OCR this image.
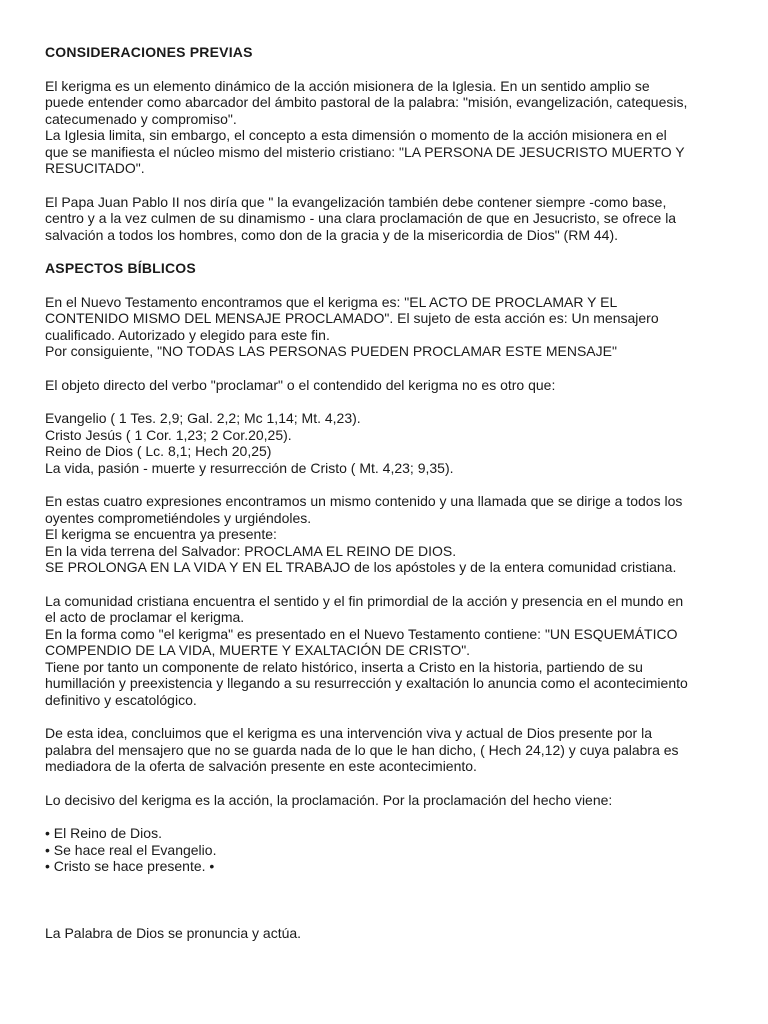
CONSIDERACIONES PREVIAS
El kerigma es un elemento dinámico de la acción misionera de la Iglesia. En un sentido amplio se
puede entender como abarcador del ámbito pastoral de la palabra: "misión, evangelización, catequesis,
catecumenado y compromiso".
La Iglesia limita, sin embargo, el concepto a esta dimensión o momento de la acción misionera en el
que se manifiesta el núcleo mismo del misterio cristiano: "LA PERSONA DE JESUCRISTO MUERTO Y
RESUCITADO".
El Papa Juan Pablo II nos diría que " la evangelización también debe contener siempre -como base,
centro y a la vez culmen de su dinamismo - una clara proclamación de que en Jesucristo, se ofrece la
salvación a todos los hombres, como don de la gracia y de la misericordia de Dios" (RM 44).
ASPECTOS BÍBLICOS
En el Nuevo Testamento encontramos que el kerigma es: "EL ACTO DE PROCLAMAR Y EL
CONTENIDO MISMO DEL MENSAJE PROCLAMADO". El sujeto de esta acción es: Un mensajero
cualificado. Autorizado y elegido para este fin.
Por consiguiente, "NO TODAS LAS PERSONAS PUEDEN PROCLAMAR ESTE MENSAJE"
El objeto directo del verbo "proclamar" o el contendido del kerigma no es otro que:
Evangelio ( 1 Tes. 2,9; Gal. 2,2; Mc 1,14; Mt. 4,23).
Cristo Jesús ( 1 Cor. 1,23; 2 Cor.20,25).
Reino de Dios ( Lc. 8,1; Hech 20,25)
La vida, pasión - muerte y resurrección de Cristo ( Mt. 4,23; 9,35).
En estas cuatro expresiones encontramos un mismo contenido y una llamada que se dirige a todos los
oyentes comprometiéndoles y urgiéndoles.
El kerigma se encuentra ya presente:
En la vida terrena del Salvador: PROCLAMA EL REINO DE DIOS.
SE PROLONGA EN LA VIDA Y EN EL TRABAJO de los apóstoles y de la entera comunidad cristiana.
La comunidad cristiana encuentra el sentido y el fin primordial de la acción y presencia en el mundo en
el acto de proclamar el kerigma.
En la forma como "el kerigma" es presentado en el Nuevo Testamento contiene: "UN ESQUEMÁTICO
COMPENDIO DE LA VIDA, MUERTE Y EXALTACIÓN DE CRISTO".
Tiene por tanto un componente de relato histórico, inserta a Cristo en la historia, partiendo de su
humillación y preexistencia y llegando a su resurrección y exaltación lo anuncia como el acontecimiento
definitivo y escatológico.
De esta idea, concluimos que el kerigma es una intervención viva y actual de Dios presente por la
palabra del mensajero que no se guarda nada de lo que le han dicho, ( Hech 24,12) y cuya palabra es
mediadora de la oferta de salvación presente en este acontecimiento.
Lo decisivo del kerigma es la acción, la proclamación. Por la proclamación del hecho viene:
• El Reino de Dios.
• Se hace real el Evangelio.
• Cristo se hace presente. •

La Palabra de Dios se pronuncia y actúa.
